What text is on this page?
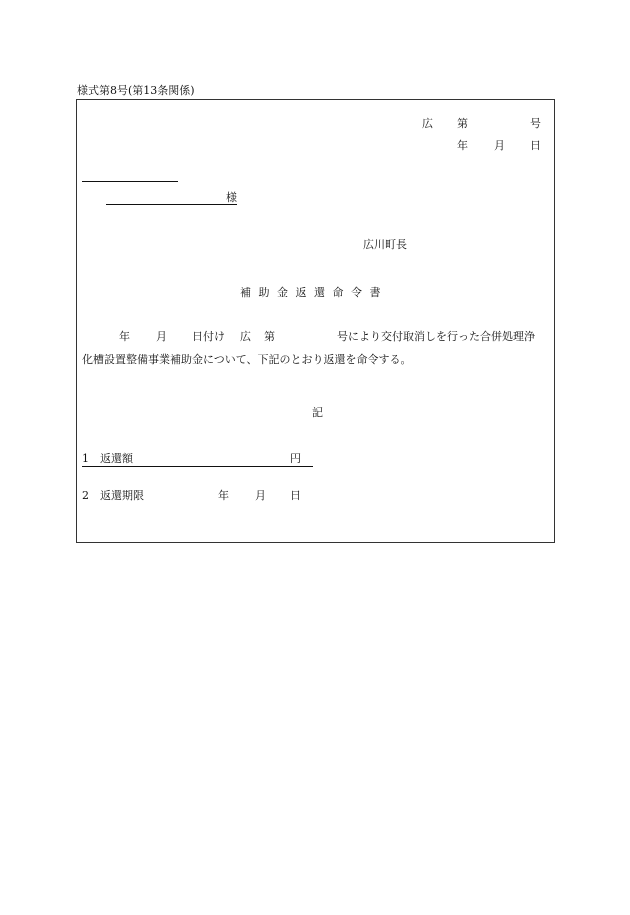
様式第8号(第13条関係)
広 第	号
年 月 日
様
広川町長
補助金返還命令書
年 月 日付け 広 第	号により交付取消しを行った合併処理浄
化槽設置整備事業補助金について、下記のとおり返還を命令する。
記
1　返還額	円
2　返還期限	年 月 日
